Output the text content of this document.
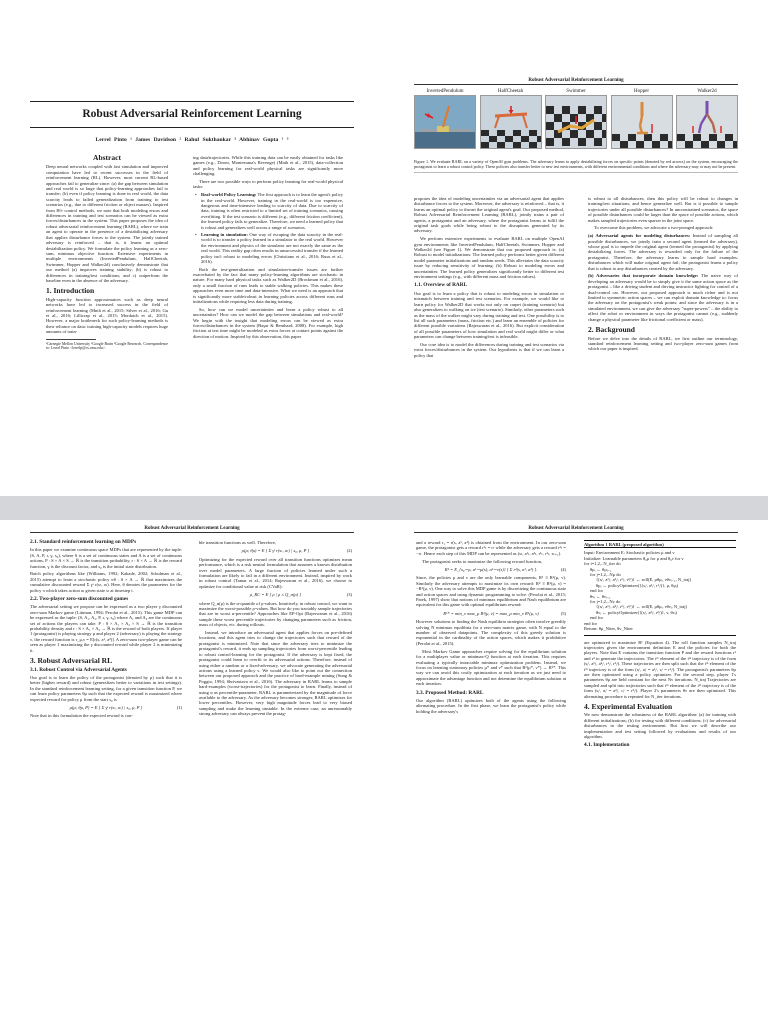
Robust Adversarial Reinforcement Learning
Lerrel Pinto ¹ James Davidson ² Rahul Sukthankar ³ Abhinav Gupta ¹ ³
Abstract

Deep neural networks coupled with fast simulation and improved computation have led to recent successes in the field of reinforcement learning (RL). However, most current RL-based approaches fail to generalize since: (a) the gap between simulation and real world is so large that policy-learning approaches fail to transfer; (b) even if policy learning is done in real world, the data scarcity leads to failed generalization from training to test scenarios (e.g., due to different friction or object masses). Inspired from H∞ control methods, we note that both modeling errors and differences in training and test scenarios can be viewed as extra forces/disturbances in the system. This paper proposes the idea of robust adversarial reinforcement learning (RARL), where we train an agent to operate in the presence of a destabilizing adversary that applies disturbance forces to the system. The jointly trained adversary is reinforced – that is, it learns an optimal destabilization policy. We formulate the policy learning as a zero-sum, minimax objective function. Extensive experiments in multiple environments (InvertedPendulum, HalfCheetah, Swimmer, Hopper and Walker2d) conclusively demonstrate that our method (a) improves training stability; (b) is robust to differences in training/test conditions; and c) outperform the baseline even in the absence of the adversary.

1. Introduction

High-capacity function approximators such as deep neural networks have led to increased success in the field of reinforcement learning (Mnih et al., 2015; Silver et al., 2016; Gu et al., 2016; Lillicrap et al., 2015; Mordatch et al., 2015). However, a major bottleneck for such policy-learning methods is their reliance on data: training high-capacity models requires huge amounts of train-

¹Carnegie Mellon University ²Google Brain ³Google Research. Correspondence to: Lerrel Pinto <lerrelp@cs.cmu.edu>.

ing data/trajectories. While this training data can be easily obtained for tasks like games (e.g., Doom, Montezuma's Revenge) (Mnih et al., 2015), data-collection and policy learning for real-world physical tasks are significantly more challenging.

There are two possible ways to perform policy learning for real-world physical tasks:

• Real-world Policy Learning: The first approach is to learn the agent's policy in the real-world. However, training in the real-world is too expensive, dangerous and time-intensive leading to scarcity of data. Due to scarcity of data, training is often restricted to a limited set of training scenarios, causing overfitting. If the test scenario is different (e.g., different friction coefficient), the learned policy fails to generalize. Therefore, we need a learned policy that is robust and generalizes well across a range of scenarios.
• Learning in simulation: One way of escaping the data scarcity in the real-world is to transfer a policy learned in a simulator to the real world. However the environment and physics of the simulator are not exactly the same as the real world. This reality gap often results in unsuccessful transfer if the learned policy isn't robust to modeling errors (Christiano et al., 2016; Rusu et al., 2016).

Both the test-generalization and simulation-transfer issues are further exacerbated by the fact that many policy-learning algorithms are stochastic in nature. For many hard physical tasks such as Walker2D (Brockman et al., 2016), only a small fraction of runs leads to stable walking policies. This makes these approaches even more time and data-intensive. What we need is an approach that is significantly more stable/robust in learning policies across different runs and initializations while requiring less data during training.

So, how can we model uncertainties and learn a policy robust to all uncertainties? How can we model the gap between simulations and real-world? We begin with the insight that modeling errors can be viewed as extra forces/disturbances in the system (Başar & Bernhard, 2008). For example, high friction at test time might be modeled as extra forces at contact points against the direction of motion. Inspired by this observation, this paper

Robust Adversarial Reinforcement Learning
InvertedPendulum	HalfCheetah	Swimmer	Hopper	Walker2d
Figure 1. We evaluate RARL on a variety of OpenAI gym problems. The adversary learns to apply destabilizing forces on specific points (denoted by red arrows) on the system, encouraging the protagonist to learn a robust control policy. These policies also transfer better to new test environments, with different environmental conditions and where the adversary may or may not be present.

proposes the idea of modeling uncertainties via an adversarial agent that applies disturbance forces to the system. Moreover, the adversary is reinforced – that is, it learns an optimal policy to thwart the original agent's goal. Our proposed method, Robust Adversarial Reinforcement Learning (RARL), jointly trains a pair of agents, a protagonist and an adversary, where the protagonist learns to fulfil the original task goals while being robust to the disruptions generated by its adversary.

We perform extensive experiments to evaluate RARL on multiple OpenAI gym environments like InvertedPendulum, HalfCheetah, Swimmer, Hopper and Walker2d (see Figure 1). We demonstrate that our proposed approach is: (a) Robust to model initializations: The learned policy performs better given different model parameter initializations and random seeds. This alleviates the data scarcity issue by reducing sensitivity of learning. (b) Robust to modeling errors and uncertainties: The learned policy generalizes significantly better to different test environment settings (e.g., with different mass and friction values).

1.1. Overview of RARL

Our goal is to learn a policy that is robust to modeling errors in simulation or mismatch between training and test scenarios. For example, we would like to learn policy for Walker2D that works not only on carpet (training scenario) but also generalizes to walking on ice (test scenario). Similarly, other parameters such as the mass of the walker might vary during training and test. One possibility is to list all such parameters (mass, friction etc.) and learn an ensemble of policies for different possible variations (Rajeswaran et al., 2016). But explicit consideration of all possible parameters of how simulation and real world might differ or what parameters can change between training/test is infeasible.

Our core idea is to model the differences during training and test scenarios via extra forces/disturbances in the system. Our hypothesis is that if we can learn a policy that

is robust to all disturbances, then this policy will be robust to changes in training/test situations; and hence generalize well. But is it possible to sample trajectories under all possible disturbances? In unconstrained scenarios, the space of possible disturbances could be larger than the space of possible actions, which makes sampled trajectories even sparser in the joint space.

To overcome this problem, we advocate a two-pronged approach:

(a) Adversarial agents for modeling disturbances: Instead of sampling all possible disturbances, we jointly train a second agent (termed the adversary), whose goal is to impede the original agent (termed the protagonist) by applying destabilizing forces. The adversary is rewarded only for the failure of the protagonist. Therefore, the adversary learns to sample hard examples: disturbances which will make original agent fail; the protagonist learns a policy that is robust to any disturbances created by the adversary.

(b) Adversaries that incorporate domain knowledge: The naive way of developing an adversary would be to simply give it the same action space as the protagonist – like a driving student and driving instructor fighting for control of a dual-control car. However, our proposed approach is much richer and is not limited to symmetric action spaces – we can exploit domain knowledge to: focus the adversary on the protagonist's weak points; and since the adversary is in a simulated environment, we can give the adversary "super-powers" – the ability to affect the robot or environment in ways the protagonist cannot (e.g., suddenly change a physical parameter like frictional coefficient or mass).

2. Background

Before we delve into the details of RARL, we first outline our terminology, standard reinforcement learning setting and two-player zero-sum games from which our paper is inspired.

Robust Adversarial Reinforcement Learning
2.1. Standard reinforcement learning on MDPs

In this paper we examine continuous space MDPs that are represented by the tuple: (S, A, P, r, γ, s₀), where S is a set of continuous states and A is a set of continuous actions, P : S × A × S → ℝ is the transition probability, r : S × A → ℝ is the reward function, γ is the discount factor, and s₀ is the initial state distribution.

Batch policy algorithms like (Williams, 1992; Kakade, 2002; Schulman et al., 2015) attempt to learn a stochastic policy πθ : S × A → ℝ that maximizes the cumulative discounted reward Σ γᵗ r(sₜ, aₜ). Here, θ denotes the parameters for the policy π which takes action aₜ given state sₜ at timestep t.

2.2. Two-player zero-sum discounted games

The adversarial setting we propose can be expressed as a two player γ discounted zero-sum Markov game (Littman, 1994; Perolat et al., 2015). This game MDP can be expressed as the tuple: (S, A₁, A₂, P, r, γ, s₀) where A₁ and A₂ are the continuous set of actions the players can take. P : S × A₁ × A₂ × S → ℝ is the transition probability density and r : S × A₁ × A₂ → ℝ is the reward of both players. If player 1 (protagonist) is playing strategy μ and player 2 (adversary) is playing the strategy ν, the reward function is r_μ,ν = E[r(s, a¹, a²)]. A zero-sum two-player game can be seen as player 1 maximizing the γ discounted reward while player 2 is minimizing it.

3. Robust Adversarial RL
3.1. Robust Control via Adversarial Agents

Our goal is to learn the policy of the protagonist (denoted by μ) such that it is better (higher reward) and robust (generalizes better to variations in test settings). In the standard reinforcement learning setting, for a given transition function P, we can learn policy parameters θμ such that the expected reward is maximized where expected reward for policy μ from the start s₀ is

ρ(μ; θμ, P) = E [ Σ γᵗ r(sₜ, aₜ) | s₀, μ, P ]	(1)

Note that in this formulation the expected reward is con-

ble transition functions as well. Therefore,

ρ(μ; θμ) = E [ Σ γᵗ r(sₜ, aₜ) | s₀, μ, P ]	(2)

Optimizing for the expected reward over all transition functions optimizes mean performance, which is a risk neutral formulation that assumes a known distribution over model parameters. A large fraction of policies learned under such a formulation are likely to fail in a different environment. Instead, inspired by work in robust control (Tamar et al., 2014; Rajeswaran et al., 2016), we choose to optimize for conditional value at risk (CVaR):

ρ_RC = E [ ρ | ρ ≤ Q_α(ρ) ]	(3)

where Q_α(ρ) is the α-quantile of ρ-values. Intuitively, in robust control, we want to maximize the worst-possible ρ-values. But how do you tractably sample trajectories that are in worst α-percentile? Approaches like EP-Opt (Rajeswaran et al., 2016) sample these worst percentile trajectories by changing parameters such as friction, mass of objects, etc. during rollouts.

Instead, we introduce an adversarial agent that applies forces on pre-defined locations, and this agent tries to change the trajectories such that reward of the protagonist is minimized. Note that since the adversary tries to minimize the protagonist's reward, it ends up sampling trajectories from worst-percentile leading to robust control-learning for the protagonist. If the adversary is kept fixed, the protagonist could learn to overfit to its adversarial actions. Therefore, instead of using either a random or a fixed-adversary, we advocate generating the adversarial actions using a learned policy ν. We would also like to point out the connection between our proposed approach and the practice of hard-example mining (Sung & Poggio, 1994; Shrivastava et al., 2016). The adversary in RARL learns to sample hard-examples (worst-trajectories) for the protagonist to learn. Finally, instead of using α as percentile-parameter, RARL is parameterized by the magnitude of force available to the adversary. As the adversary becomes stronger, RARL optimizes for lower percentiles. However, very high magnitude forces lead to very biased sampling and make the learning unstable. In the extreme case, an unreasonably strong adversary can always prevent the protag-

Robust Adversarial Reinforcement Learning

and a reward r₁ = r(s, a¹, a²) is obtained from the environment. In our zero-sum game, the protagonist gets a reward r¹ₜ = rₜ while the adversary gets a reward r²ₜ = −rₜ. Hence each step of this MDP can be represented as (sₜ, a¹ₜ, a²ₜ, r¹ₜ, r²ₜ, sₜ₊₁).

The protagonist seeks to maximize the following reward function,

R¹ = E_{s₀∼ρ, a¹∼μ(s), a²∼ν(s)} [ Σ r¹(s, a¹, a²) ].	(4)

Since, the policies μ and ν are the only learnable components, R¹ ≡ R¹(μ, ν). Similarly the adversary attempts to maximize its own reward: R² ≡ R²(μ, ν) = −R¹(μ, ν). One way to solve this MDP game is by discretizing the continuous state and action spaces and using dynamic programming to solve. (Perolat et al., 2015; Patek, 1997) show that notions of minimax equilibrium and Nash equilibrium are equivalent for this game with optimal equilibrium reward:

R¹* = min_ν max_μ R¹(μ, ν) = max_μ min_ν R¹(μ, ν)	(5)

However solutions to finding the Nash equilibria strategies often involve greedily solving N minimax equilibria for a zero-sum matrix game, with N equal to the number of observed datapoints. The complexity of this greedy solution is exponential in the cardinality of the action spaces, which makes it prohibitive (Perolat et al., 2015).

Most Markov Game approaches require solving for the equilibrium solution for a multiplayer value or minimax-Q function at each iteration. This requires evaluating a typically intractable minimax optimization problem. Instead, we focus on learning stationary policies μ* and ν* such that R¹(μ*, ν*) → R¹*. This way we can avoid this costly optimization at each iteration as we just need to approximate the advantage function and not determine the equilibrium solution at each iteration.

3.3. Proposed Method: RARL

Our algorithm (RARL) optimizes both of the agents using the following alternating procedure. In the first phase, we learn the protagonist's policy while holding the adversary's

Algorithm 1 RARL (proposed algorithm)
Input: Environment E; Stochastic policies μ and ν
Initialize: Learnable parameters θ₀μ for μ and θ₀ν for ν
for i=1,2,..N_iter do
θμᵢ ← θμᵢ₋₁
for j=1,2,..Nμ do
{(sᵢᵗ, a¹ᵢᵗ, a²ᵢᵗ, r¹ᵢᵗ, r²ᵢᵗ)} ← roll(E, μθμᵢ, νθνᵢ₋₁, N_traj)
θμᵢ ← policyOptimizer({(sᵢᵗ, a¹ᵢᵗ, r¹ᵢᵗ)}, μ, θμᵢ)
end for
θνᵢ ← θνᵢ₋₁
for j=1,2,..Nν do
{(sᵢᵗ, a¹ᵢᵗ, a²ᵢᵗ, r¹ᵢᵗ, r²ᵢᵗ)} ← roll(E, μθμᵢ, νθνᵢ, N_traj)
θνᵢ ← policyOptimizer({(sᵢᵗ, a²ᵢᵗ, r²ᵢᵗ)}, ν, θνᵢ)
end for
end for
Return: θμ_Niter, θν_Niter

are optimized to maximize R¹ (Equation 4). The roll function samples N_traj trajectories given the environment definition E and the policies for both the players. Note that E contains the transition function P and the reward functions r¹ and r² to generate the trajectories. The tᵗʰ element of the iᵗʰ trajectory is of the form (sᵢᵗ, a¹ᵢᵗ, a²ᵢᵗ, r¹ᵢᵗ, r²ᵢᵗ). These trajectories are then split such that the tᵗʰ element of the iᵗʰ trajectory is of the form (sᵢᵗ, aᵢᵗ = a¹ᵢᵗ, rᵢᵗ = r¹ᵢᵗ). The protagonist's parameters θμ are then optimized using a policy optimizer. For the second step, player 1's parameters θμ are held constant for the next Nν iterations. N_traj Trajectories are sampled and split into trajectories such that tᵗʰ element of the iᵗʰ trajectory is of the form (sᵢᵗ, aᵢᵗ = a²ᵢᵗ, rᵢᵗ = r²ᵢᵗ). Player 2's parameters θν are then optimized. This alternating procedure is repeated for N_iter iterations.

4. Experimental Evaluation

We now demonstrate the robustness of the RARL algorithm: (a) for training with different initializations; (b) for testing with different conditions; (c) for adversarial disturbances in the testing environment. But first we will describe our implementation and test setting followed by evaluations and results of our algorithm.

4.1. Implementation
